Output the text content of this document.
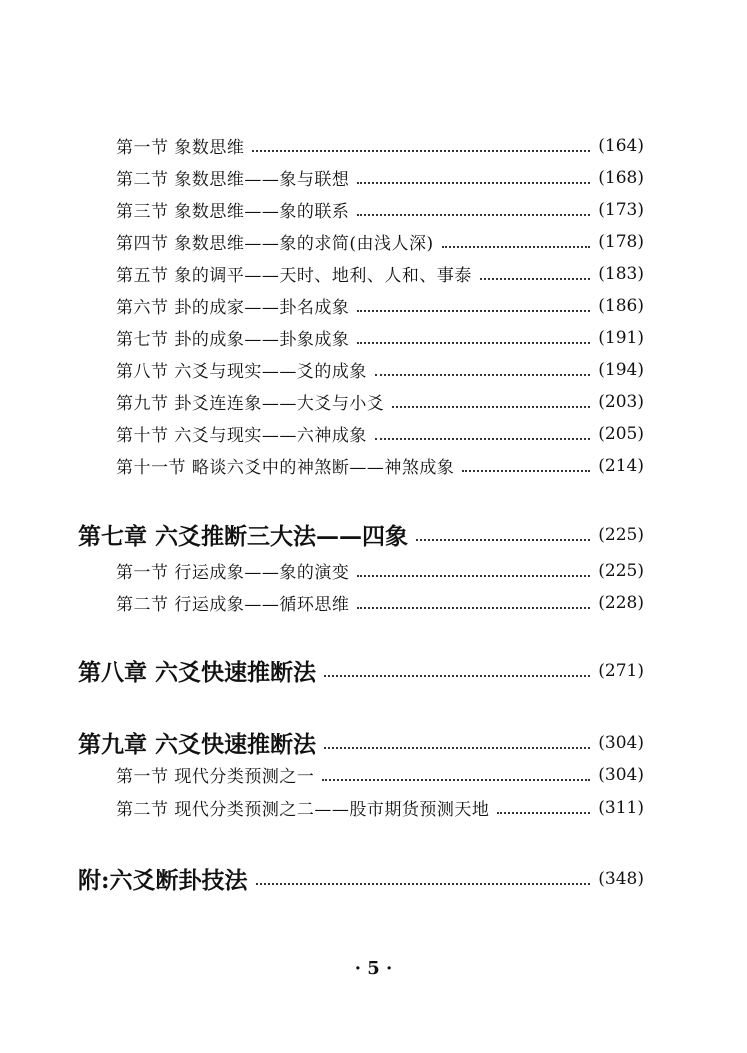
第一节 象数思维	(164)
第二节 象数思维——象与联想	(168)
第三节 象数思维——象的联系	(173)
第四节 象数思维——象的求简(由浅人深)	(178)
第五节 象的调平——天时、地利、人和、事泰	(183)
第六节 卦的成家——卦名成象	(186)
第七节 卦的成象——卦象成象	(191)
第八节 六爻与现实——爻的成象	(194)
第九节 卦爻连连象——大爻与小爻	(203)
第十节 六爻与现实——六神成象	(205)
第十一节 略谈六爻中的神煞断——神煞成象	(214)
第七章 六爻推断三大法——四象	(225)
第一节 行运成象——象的演变	(225)
第二节 行运成象——循环思维	(228)
第八章 六爻快速推断法	(271)
第九章 六爻快速推断法	(304)
第一节 现代分类预测之一	(304)
第二节 现代分类预测之二——股市期货预测天地	(311)
附:六爻断卦技法	(348)
· 5 ·
